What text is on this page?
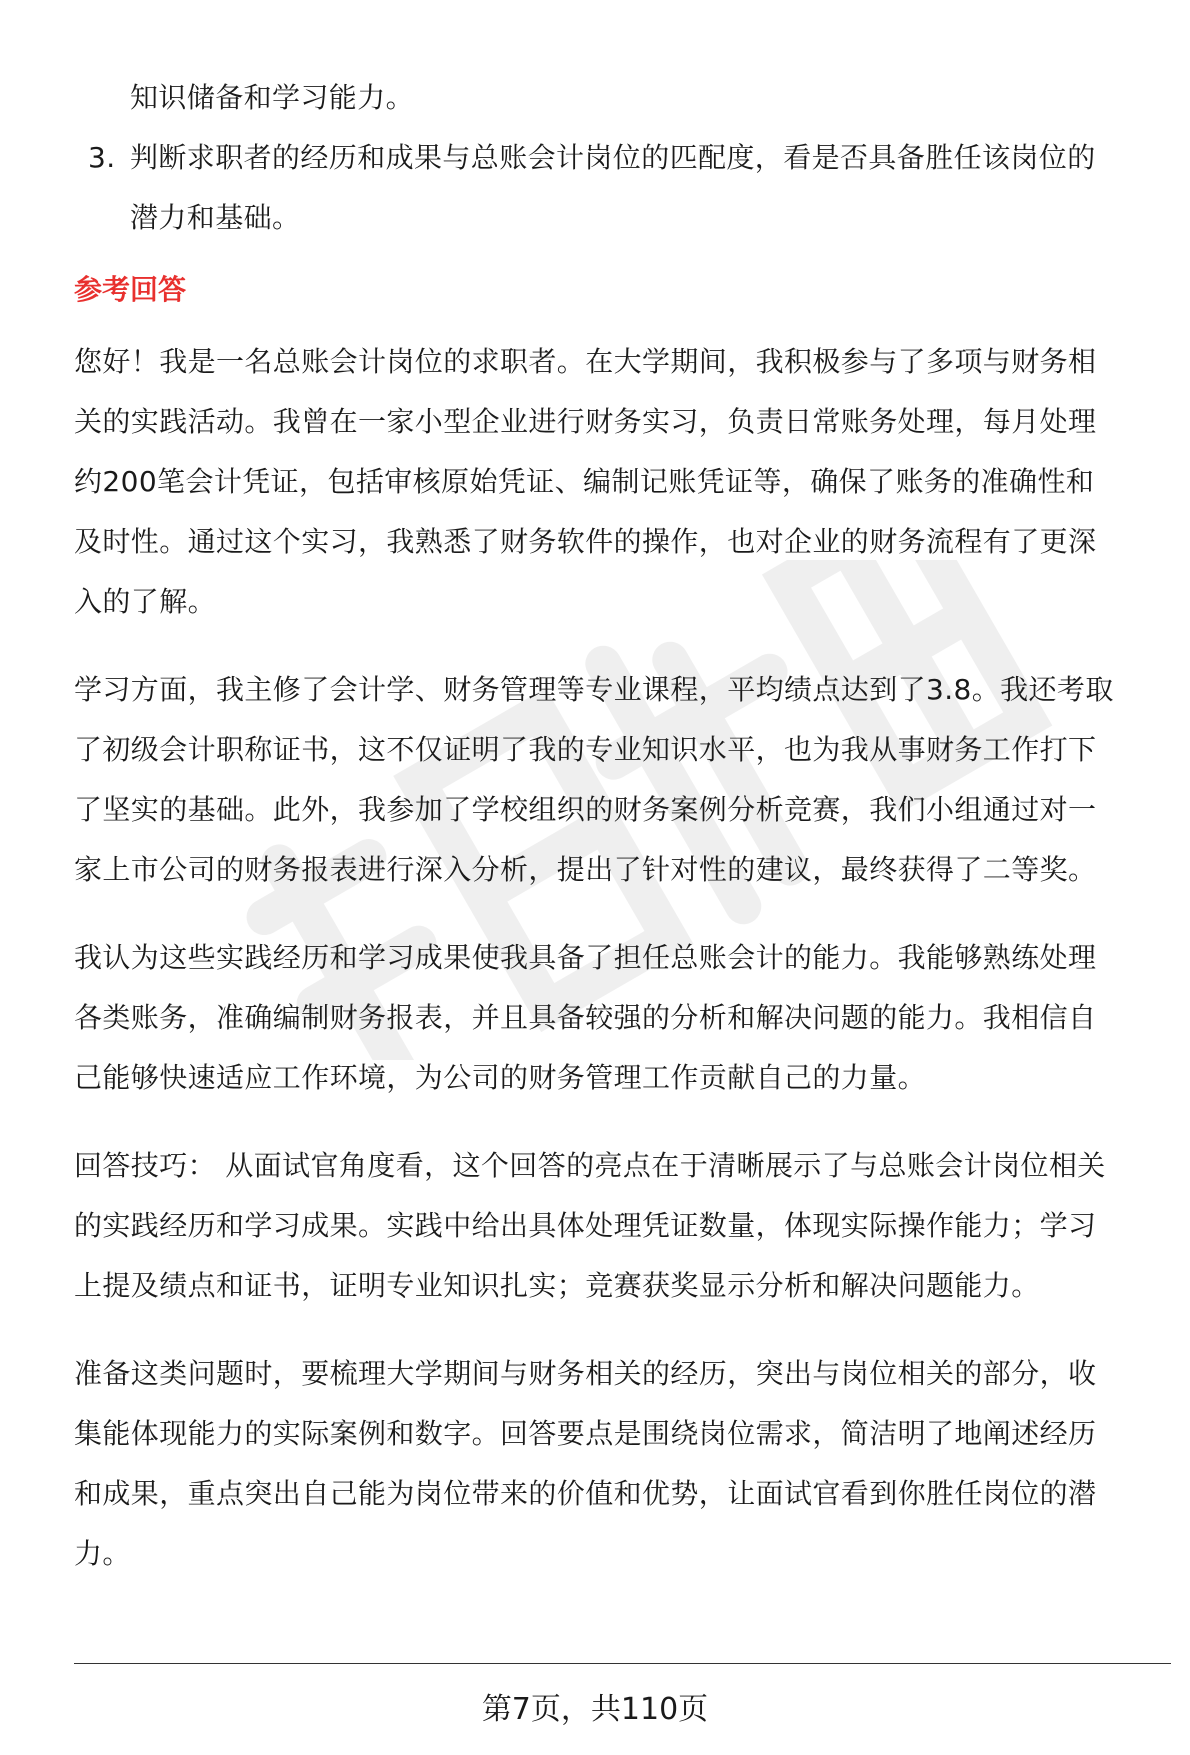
知识储备和学习能力。
3. 判断求职者的经历和成果与总账会计岗位的匹配度，看是否具备胜任该岗位的
潜力和基础。
参考回答
您好！我是一名总账会计岗位的求职者。在大学期间，我积极参与了多项与财务相
关的实践活动。我曾在一家小型企业进行财务实习，负责日常账务处理，每月处理
约200笔会计凭证，包括审核原始凭证、编制记账凭证等，确保了账务的准确性和
及时性。通过这个实习，我熟悉了财务软件的操作，也对企业的财务流程有了更深
入的了解。
学习方面，我主修了会计学、财务管理等专业课程，平均绩点达到了3.8。我还考取
了初级会计职称证书，这不仅证明了我的专业知识水平，也为我从事财务工作打下
了坚实的基础。此外，我参加了学校组织的财务案例分析竞赛，我们小组通过对一
家上市公司的财务报表进行深入分析，提出了针对性的建议，最终获得了二等奖。
我认为这些实践经历和学习成果使我具备了担任总账会计的能力。我能够熟练处理
各类账务，准确编制财务报表，并且具备较强的分析和解决问题的能力。我相信自
己能够快速适应工作环境，为公司的财务管理工作贡献自己的力量。
回答技巧： 从面试官角度看，这个回答的亮点在于清晰展示了与总账会计岗位相关
的实践经历和学习成果。实践中给出具体处理凭证数量，体现实际操作能力；学习
上提及绩点和证书，证明专业知识扎实；竞赛获奖显示分析和解决问题能力。
准备这类问题时，要梳理大学期间与财务相关的经历，突出与岗位相关的部分，收
集能体现能力的实际案例和数字。回答要点是围绕岗位需求，简洁明了地阐述经历
和成果，重点突出自己能为岗位带来的价值和优势，让面试官看到你胜任岗位的潜
力。
第7页，共110页
